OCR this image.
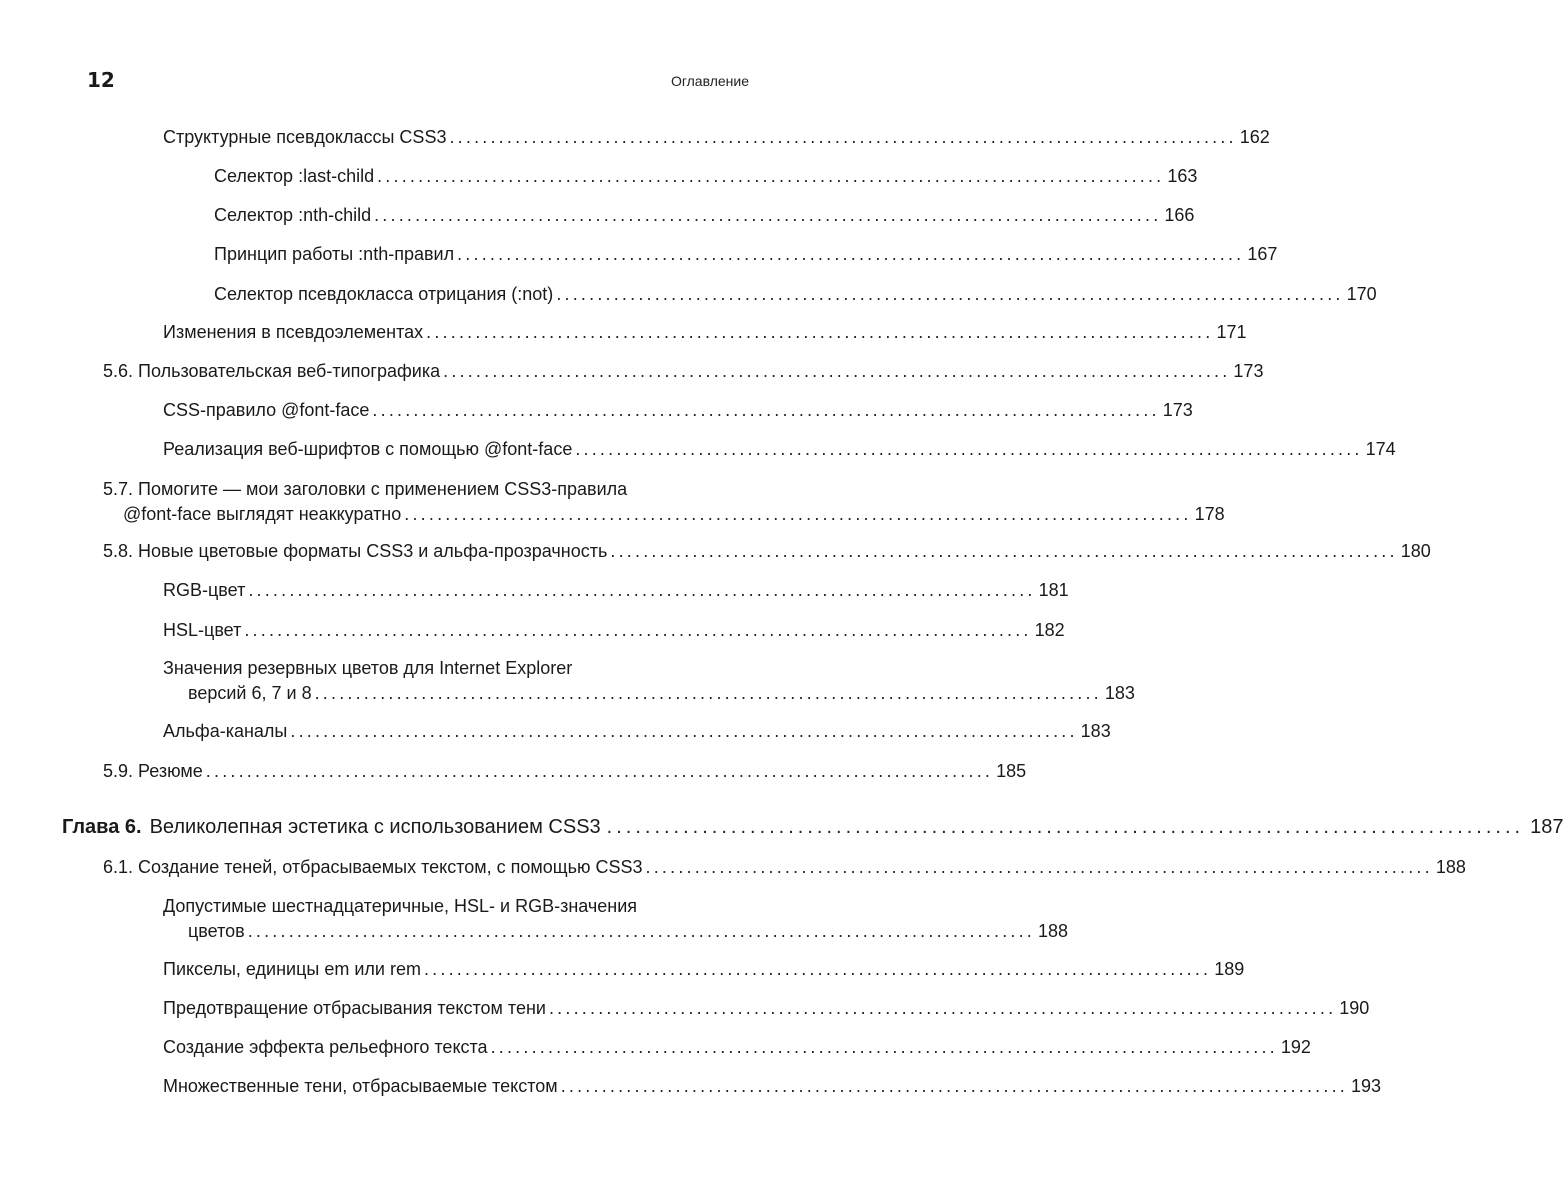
12	Оглавление
Структурные псевдоклассы CSS3 ................................................................................................ 162
Селектор :last-child ................................................................................................ 163
Селектор :nth-child ................................................................................................ 166
Принцип работы :nth-правил ................................................................................................ 167
Селектор псевдокласса отрицания (:not) ................................................................................................ 170
Изменения в псевдоэлементах ................................................................................................ 171
5.6. Пользовательская веб-типографика ................................................................................................ 173
CSS-правило @font-face ................................................................................................ 173
Реализация веб-шрифтов с помощью @font-face ................................................................................................ 174
5.7. Помогите — мои заголовки с применением CSS3-правила
@font-face выглядят неаккуратно ................................................................................................ 178
5.8. Новые цветовые форматы CSS3 и альфа-прозрачность ................................................................................................ 180
RGB-цвет ................................................................................................ 181
HSL-цвет ................................................................................................ 182
Значения резервных цветов для Internet Explorer
версий 6, 7 и 8 ................................................................................................ 183
Альфа-каналы ................................................................................................ 183
5.9. Резюме ................................................................................................ 185
Глава 6. Великолепная эстетика с использованием CSS3 ................................................................................................ 187
6.1. Создание теней, отбрасываемых текстом, с помощью CSS3 ................................................................................................ 188
Допустимые шестнадцатеричные, HSL- и RGB-значения
цветов ................................................................................................ 188
Пикселы, единицы em или rem ................................................................................................ 189
Предотвращение отбрасывания текстом тени ................................................................................................ 190
Создание эффекта рельефного текста ................................................................................................ 192
Множественные тени, отбрасываемые текстом ................................................................................................ 193
